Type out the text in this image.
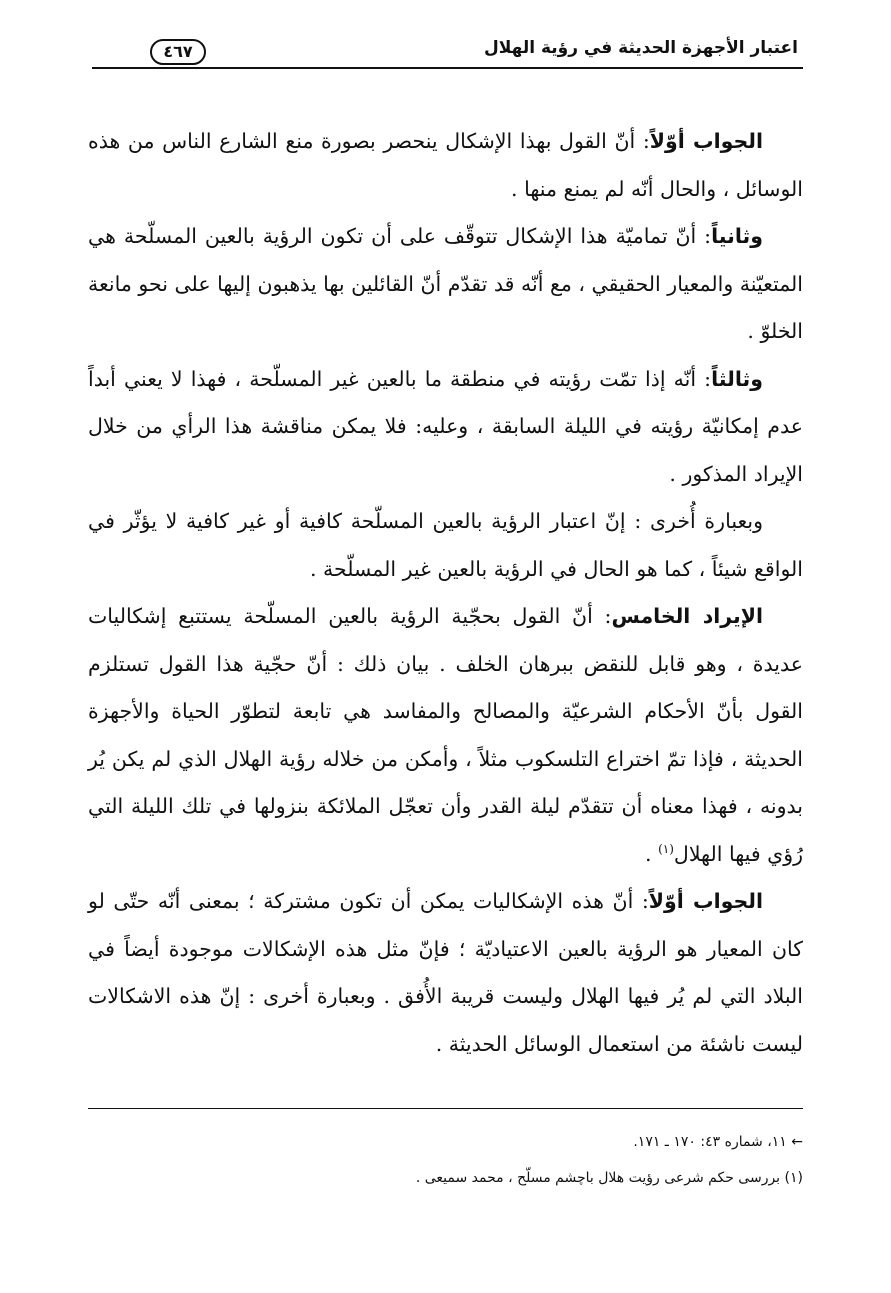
اعتبار الأجهزة الحديثة في رؤية الهلال
٤٦٧

الجواب أوّلاً: أنّ القول بهذا الإشكال ينحصر بصورة منع الشارع الناس من هذه الوسائل ، والحال أنّه لم يمنع منها .

وثانياً: أنّ تماميّة هذا الإشكال تتوقّف على أن تكون الرؤية بالعين المسلّحة هي المتعيّنة والمعيار الحقيقي ، مع أنّه قد تقدّم أنّ القائلين بها يذهبون إليها على نحو مانعة الخلوّ .

وثالثاً: أنّه إذا تمّت رؤيته في منطقة ما بالعين غير المسلّحة ، فهذا لا يعني أبداً عدم إمكانيّة رؤيته في الليلة السابقة ، وعليه: فلا يمكن مناقشة هذا الرأي من خلال الإيراد المذكور .

وبعبارة أُخرى : إنّ اعتبار الرؤية بالعين المسلّحة كافية أو غير كافية لا يؤثّر في الواقع شيئاً ، كما هو الحال في الرؤية بالعين غير المسلّحة .

الإيراد الخامس: أنّ القول بحجّية الرؤية بالعين المسلّحة يستتبع إشكاليات عديدة ، وهو قابل للنقض ببرهان الخلف . بيان ذلك : أنّ حجّية هذا القول تستلزم القول بأنّ الأحكام الشرعيّة والمصالح والمفاسد هي تابعة لتطوّر الحياة والأجهزة الحديثة ، فإذا تمّ اختراع التلسكوب مثلاً ، وأمكن من خلاله رؤية الهلال الذي لم يكن يُر بدونه ، فهذا معناه أن تتقدّم ليلة القدر وأن تعجّل الملائكة بنزولها في تلك الليلة التي رُؤي فيها الهلال$^{(١)}$ .

الجواب أوّلاً: أنّ هذه الإشكاليات يمكن أن تكون مشتركة ؛ بمعنى أنّه حتّى لو كان المعيار هو الرؤية بالعين الاعتياديّة ؛ فإنّ مثل هذه الإشكالات موجودة أيضاً في البلاد التي لم يُر فيها الهلال وليست قريبة الأُفق . وبعبارة أخرى : إنّ هذه الاشكالات ليست ناشئة من استعمال الوسائل الحديثة .

← ١١، شماره ٤٣: ١٧٠ ـ ١٧١.

(١) بررسى حكم شرعى رؤيت هلال باچشم مسلّح ، محمد سميعى .
